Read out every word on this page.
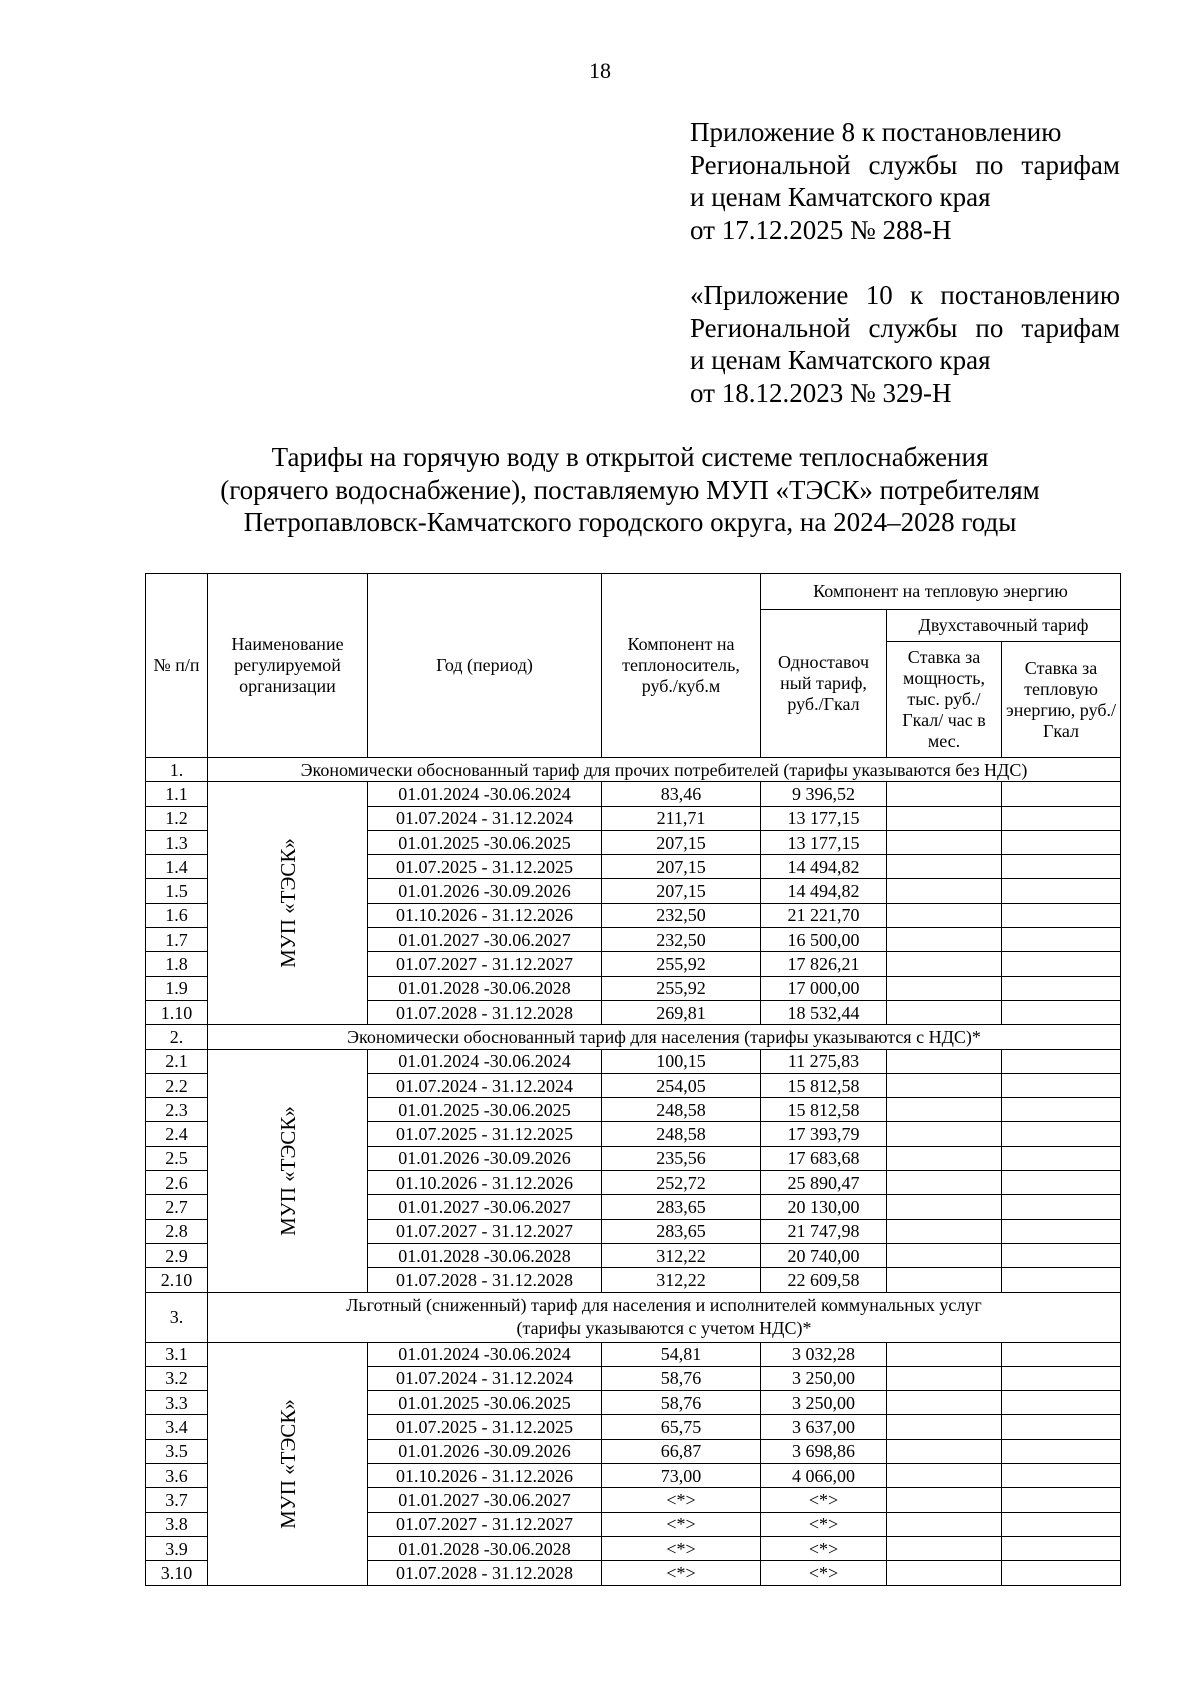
18
Приложение 8 к постановлению
Региональной службы по тарифам
и ценам Камчатского края
от 17.12.2025 № 288-Н
«Приложение 10 к постановлению
Региональной службы по тарифам
и ценам Камчатского края
от 18.12.2023 № 329-Н
Тарифы на горячую воду в открытой системе теплоснабжения
(горячего водоснабжение), поставляемую МУП «ТЭСК» потребителям
Петропавловск-Камчатского городского округа, на 2024–2028 годы
№ п/п	Наименование регулируемой организации	Год (период)	Компонент на теплоноситель, руб./куб.м	Компонент на тепловую энергию		
				Одноставоч ный тариф, руб./Гкал	Двухставочный тариф	
					Ставка за мощность, тыс. руб./Гкал/ час в мес.	Ставка за тепловую энергию, руб./Гкал
1.	Экономически обоснованный тариф для прочих потребителей (тарифы указываются без НДС)					
1.1	МУП «ТЭСК»	01.01.2024 -30.06.2024	83,46	9 396,52		
1.2		01.07.2024 - 31.12.2024	211,71	13 177,15		
1.3		01.01.2025 -30.06.2025	207,15	13 177,15		
1.4		01.07.2025 - 31.12.2025	207,15	14 494,82		
1.5		01.01.2026 -30.09.2026	207,15	14 494,82		
1.6		01.10.2026 - 31.12.2026	232,50	21 221,70		
1.7		01.01.2027 -30.06.2027	232,50	16 500,00		
1.8		01.07.2027 - 31.12.2027	255,92	17 826,21		
1.9		01.01.2028 -30.06.2028	255,92	17 000,00		
1.10		01.07.2028 - 31.12.2028	269,81	18 532,44		
2.	Экономически обоснованный тариф для населения (тарифы указываются с НДС)*					
2.1	МУП «ТЭСК»	01.01.2024 -30.06.2024	100,15	11 275,83		
2.2		01.07.2024 - 31.12.2024	254,05	15 812,58		
2.3		01.01.2025 -30.06.2025	248,58	15 812,58		
2.4		01.07.2025 - 31.12.2025	248,58	17 393,79		
2.5		01.01.2026 -30.09.2026	235,56	17 683,68		
2.6		01.10.2026 - 31.12.2026	252,72	25 890,47		
2.7		01.01.2027 -30.06.2027	283,65	20 130,00		
2.8		01.07.2027 - 31.12.2027	283,65	21 747,98		
2.9		01.01.2028 -30.06.2028	312,22	20 740,00		
2.10		01.07.2028 - 31.12.2028	312,22	22 609,58		
3.	Льготный (сниженный) тариф для населения и исполнителей коммунальных услуг
(тарифы указываются с учетом НДС)*					

3.1	МУП «ТЭСК»	01.01.2024 -30.06.2024	54,81	3 032,28		
3.2		01.07.2024 - 31.12.2024	58,76	3 250,00		
3.3		01.01.2025 -30.06.2025	58,76	3 250,00		
3.4		01.07.2025 - 31.12.2025	65,75	3 637,00		
3.5		01.01.2026 -30.09.2026	66,87	3 698,86		
3.6		01.10.2026 - 31.12.2026	73,00	4 066,00		
3.7		01.01.2027 -30.06.2027	<*>	<*>		
3.8		01.07.2027 - 31.12.2027	<*>	<*>		
3.9		01.01.2028 -30.06.2028	<*>	<*>		
3.10		01.07.2028 - 31.12.2028	<*>	<*>		
